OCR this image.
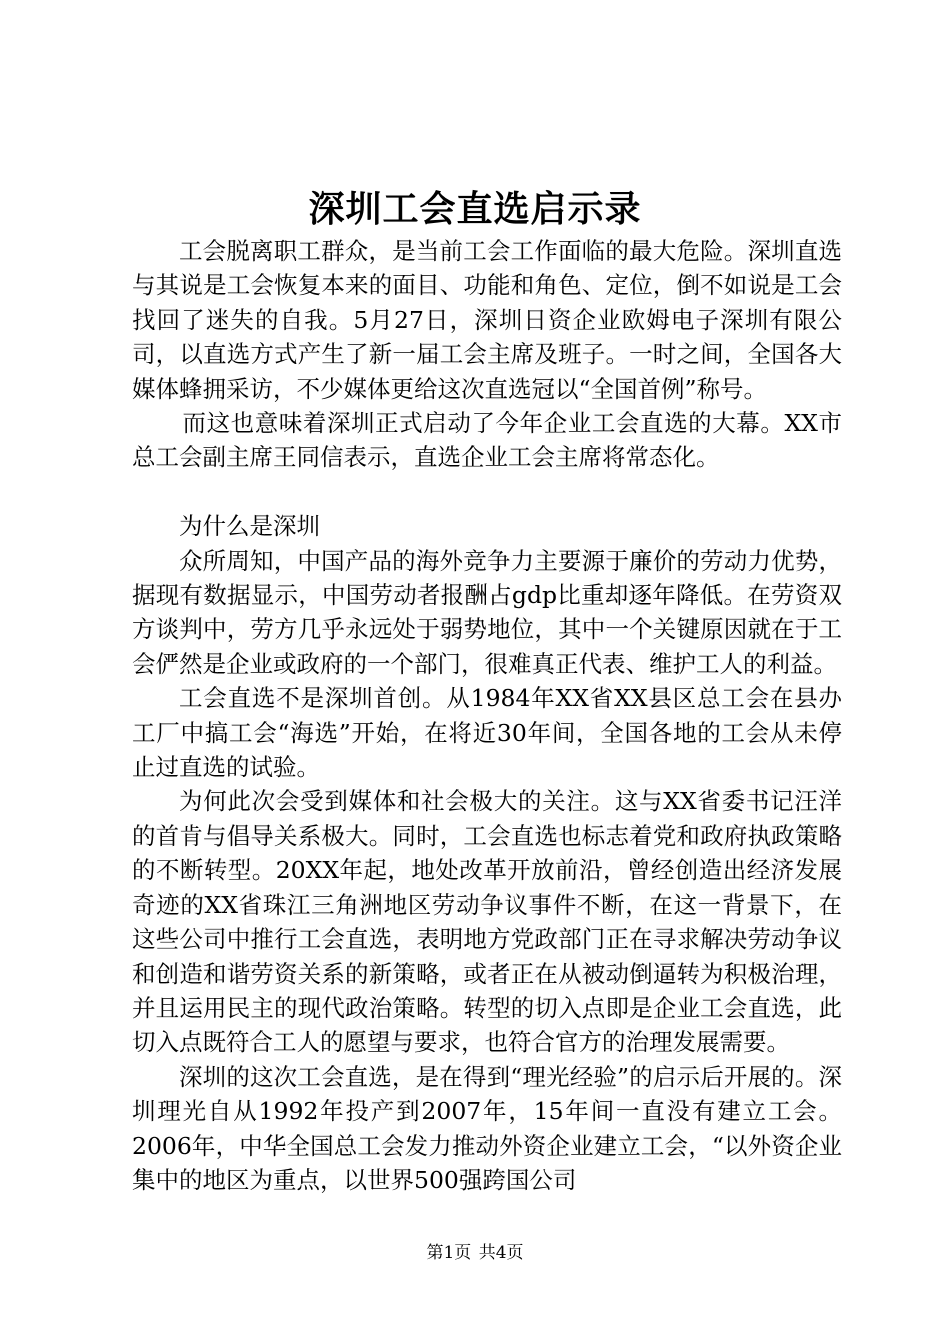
深圳工会直选启示录

工会脱离职工群众，是当前工会工作面临的最大危险。深圳直选与其说是工会恢复本来的面目、功能和角色、定位，倒不如说是工会找回了迷失的自我。5月27日，深圳日资企业欧姆电子深圳有限公司，以直选方式产生了新一届工会主席及班子。一时之间，全国各大媒体蜂拥采访，不少媒体更给这次直选冠以“全国首例”称号。

而这也意味着深圳正式启动了今年企业工会直选的大幕。XX市总工会副主席王同信表示，直选企业工会主席将常态化。

为什么是深圳

众所周知，中国产品的海外竞争力主要源于廉价的劳动力优势，据现有数据显示，中国劳动者报酬占gdp比重却逐年降低。在劳资双方谈判中，劳方几乎永远处于弱势地位，其中一个关键原因就在于工会俨然是企业或政府的一个部门，很难真正代表、维护工人的利益。

工会直选不是深圳首创。从1984年XX省XX县区总工会在县办工厂中搞工会“海选”开始，在将近30年间，全国各地的工会从未停止过直选的试验。

为何此次会受到媒体和社会极大的关注。这与XX省委书记汪洋的首肯与倡导关系极大。同时，工会直选也标志着党和政府执政策略的不断转型。20XX年起，地处改革开放前沿，曾经创造出经济发展奇迹的XX省珠江三角洲地区劳动争议事件不断，在这一背景下，在这些公司中推行工会直选，表明地方党政部门正在寻求解决劳动争议和创造和谐劳资关系的新策略，或者正在从被动倒逼转为积极治理，并且运用民主的现代政治策略。转型的切入点即是企业工会直选，此切入点既符合工人的愿望与要求，也符合官方的治理发展需要。

深圳的这次工会直选，是在得到“理光经验”的启示后开展的。深圳理光自从1992年投产到2007年，15年间一直没有建立工会。2006年，中华全国总工会发力推动外资企业建立工会，“以外资企业集中的地区为重点，以世界500强跨国公司

第1页 共4页
